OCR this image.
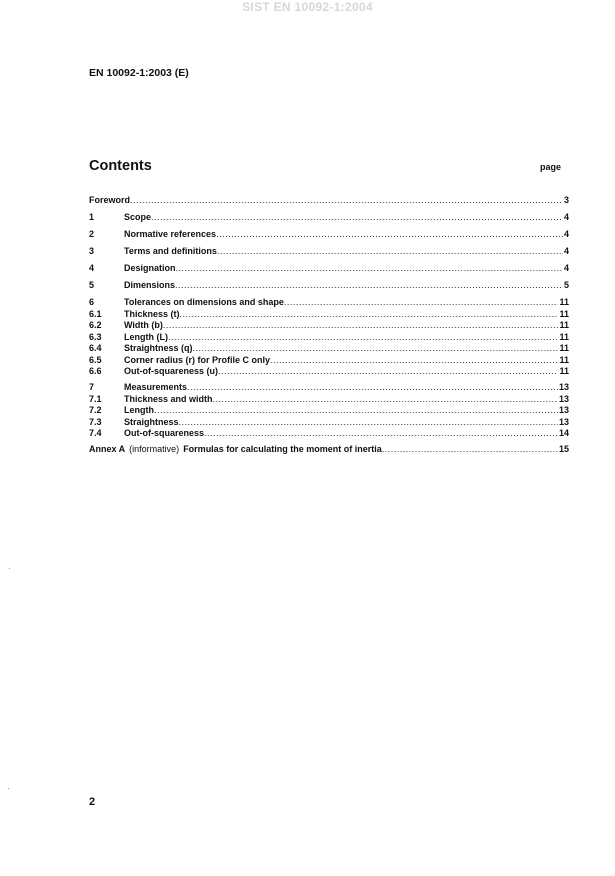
SIST EN 10092-1:2004
EN 10092-1:2003 (E)
Contents	page
Foreword .....	3
1	Scope .....	4
2	Normative references .....	4
3	Terms and definitions .....	4
4	Designation .....	4
5	Dimensions .....	5
6	Tolerances on dimensions and shape .....	11
6.1	Thickness (t) .....	11
6.2	Width (b) .....	11
6.3	Length (L) .....	11
6.4	Straightness (q) .....	11
6.5	Corner radius (r) for Profile C only .....	11
6.6	Out-of-squareness (u) .....	11
7	Measurements .....	13
7.1	Thickness and width .....	13
7.2	Length .....	13
7.3	Straightness .....	13
7.4	Out-of-squareness .....	14
Annex A (informative) Formulas for calculating the moment of inertia .....	15
2
